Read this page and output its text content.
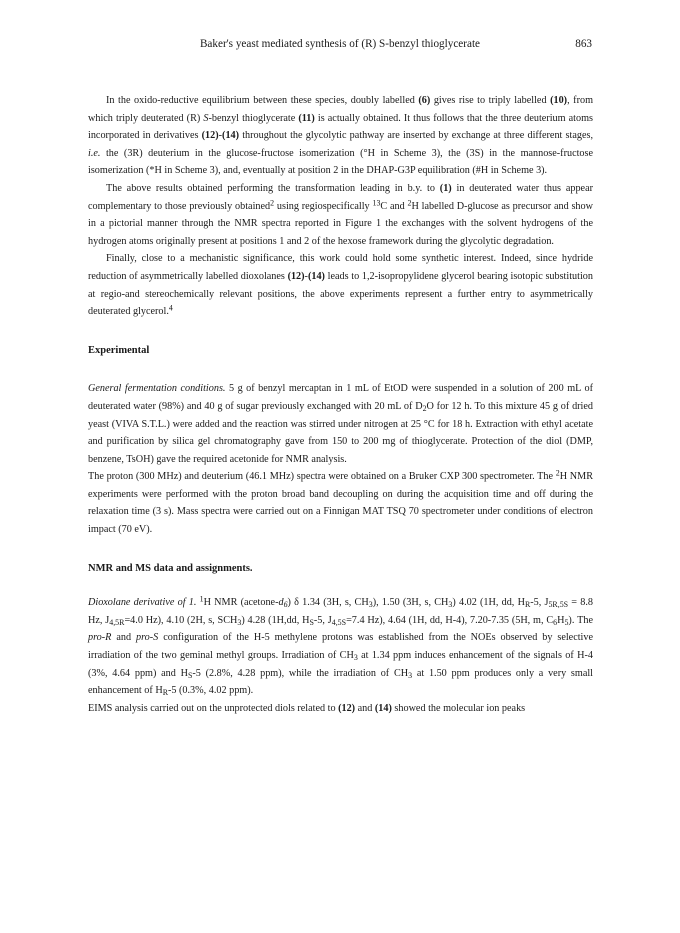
Baker's yeast mediated synthesis of (R) S-benzyl thioglycerate	863

In the oxido-reductive equilibrium between these species, doubly labelled (6) gives rise to triply labelled (10), from which triply deuterated (R) S-benzyl thioglycerate (11) is actually obtained. It thus follows that the three deuterium atoms incorporated in derivatives (12)-(14) throughout the glycolytic pathway are inserted by exchange at three different stages, i.e. the (3R) deuterium in the glucose-fructose isomerization (°H in Scheme 3), the (3S) in the mannose-fructose isomerization (*H in Scheme 3), and, eventually at position 2 in the DHAP-G3P equilibration (#H in Scheme 3).

The above results obtained performing the transformation leading in b.y. to (1) in deuterated water thus appear complementary to those previously obtained$^2$ using regiospecifically $^{13}$C and $^2$H labelled D-glucose as precursor and show in a pictorial manner through the NMR spectra reported in Figure 1 the exchanges with the solvent hydrogens of the hydrogen atoms originally present at positions 1 and 2 of the hexose framework during the glycolytic degradation.

Finally, close to a mechanistic significance, this work could hold some synthetic interest. Indeed, since hydride reduction of asymmetrically labelled dioxolanes (12)-(14) leads to 1,2-isopropylidene glycerol bearing isotopic substitution at regio-and stereochemically relevant positions, the above experiments represent a further entry to asymmetrically deuterated glycerol.$^4$

Experimental

General fermentation conditions. 5 g of benzyl mercaptan in 1 mL of EtOD were suspended in a solution of 200 mL of deuterated water (98%) and 40 g of sugar previously exchanged with 20 mL of $D_2O$ for 12 h. To this mixture 45 g of dried yeast (VIVA S.T.L.) were added and the reaction was stirred under nitrogen at 25 °C for 18 h. Extraction with ethyl acetate and purification by silica gel chromatography gave from 150 to 200 mg of thioglycerate. Protection of the diol (DMP, benzene, TsOH) gave the required acetonide for NMR analysis.

The proton (300 MHz) and deuterium (46.1 MHz) spectra were obtained on a Bruker CXP 300 spectrometer. The $^2$H NMR experiments were performed with the proton broad band decoupling on during the acquisition time and off during the relaxation time (3 s). Mass spectra were carried out on a Finnigan MAT TSQ 70 spectrometer under conditions of electron impact (70 eV).

NMR and MS data and assignments.

Dioxolane derivative of 1. $^1$H NMR $(acetone-d_6)$ δ 1.34 (3H, s, $CH_3$), 1.50 (3H, s, $CH_3$) 4.02 (1H, dd, $H_R-5$, $J_{5R,5S} = 8.8$ Hz, $J_{4,5R}=4.0$ Hz), 4.10 (2H, s, $SCH_3$) 4.28 (1H,dd, $H_S-5$, $J_{4,5S}=7.4$ Hz), 4.64 (1H, dd, H-4), 7.20-7.35 (5H, m, $C_6H_5$). The pro-R and pro-S configuration of the H-5 methylene protons was established from the NOEs observed by selective irradiation of the two geminal methyl groups. Irradiation of $CH_3$ at 1.34 ppm induces enhancement of the signals of H-4 (3%, 4.64 ppm) and $H_S-5$ (2.8%, 4.28 ppm), while the irradiation of $CH_3$ at 1.50 ppm produces only a very small enhancement of $H_R-5$ (0.3%, 4.02 ppm).

EIMS analysis carried out on the unprotected diols related to (12) and (14) showed the molecular ion peaks
